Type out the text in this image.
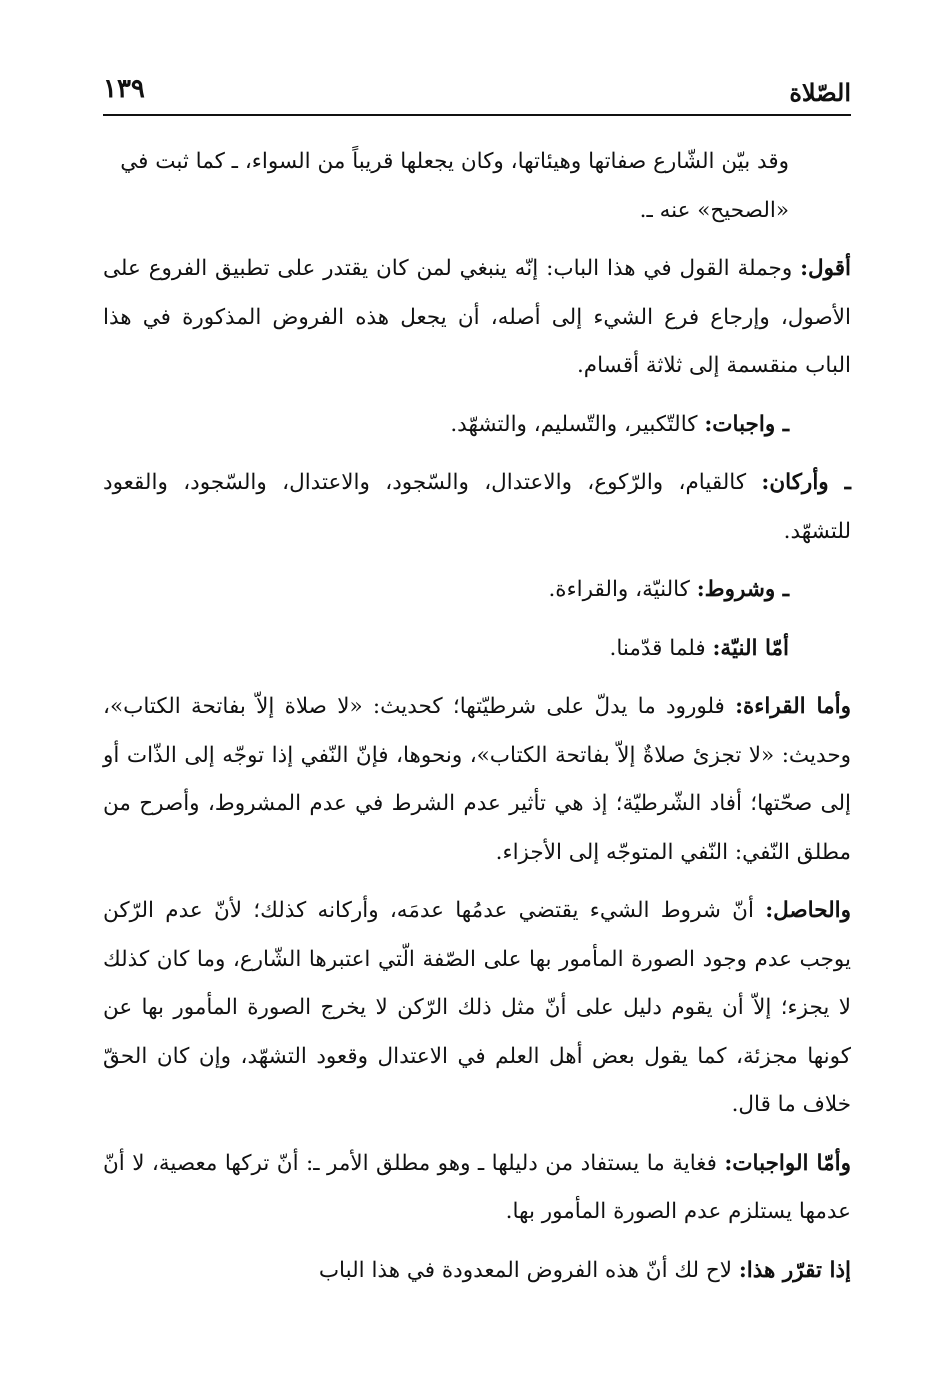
الصّلاة
١٣٩

وقد بيّن الشّارع صفاتها وهيئاتها، وكان يجعلها قريباً من السواء، ـ كما ثبت في «الصحيح» عنه ـ.

أقول: وجملة القول في هذا الباب: إنّه ينبغي لمن كان يقتدر على تطبيق الفروع على الأصول، وإرجاع فرع الشيء إلى أصله، أن يجعل هذه الفروض المذكورة في هذا الباب منقسمة إلى ثلاثة أقسام.

ـ واجبات: كالتّكبير، والتّسليم، والتشهّد.

ـ وأركان: كالقيام، والرّكوع، والاعتدال، والسّجود، والاعتدال، والسّجود، والقعود للتشهّد.

ـ وشروط: كالنيّة، والقراءة.

أمّا النيّة: فلما قدّمنا.

وأما القراءة: فلورود ما يدلّ على شرطيّتها؛ كحديث: «لا صلاة إلاّ بفاتحة الكتاب»، وحديث: «لا تجزئ صلاةٌ إلاّ بفاتحة الكتاب»، ونحوها، فإنّ النّفي إذا توجّه إلى الذّات أو إلى صحّتها؛ أفاد الشّرطيّة؛ إذ هي تأثير عدم الشرط في عدم المشروط، وأصرح من مطلق النّفي: النّفي المتوجّه إلى الأجزاء.

والحاصل: أنّ شروط الشيء يقتضي عدمُها عدمَه، وأركانه كذلك؛ لأنّ عدم الرّكن يوجب عدم وجود الصورة المأمور بها على الصّفة الّتي اعتبرها الشّارع، وما كان كذلك لا يجزء؛ إلاّ أن يقوم دليل على أنّ مثل ذلك الرّكن لا يخرج الصورة المأمور بها عن كونها مجزئة، كما يقول بعض أهل العلم في الاعتدال وقعود التشهّد، وإن كان الحقّ خلاف ما قال.

وأمّا الواجبات: فغاية ما يستفاد من دليلها ـ وهو مطلق الأمر ـ: أنّ تركها معصية، لا أنّ عدمها يستلزم عدم الصورة المأمور بها.

إذا تقرّر هذا: لاح لك أنّ هذه الفروض المعدودة في هذا الباب
